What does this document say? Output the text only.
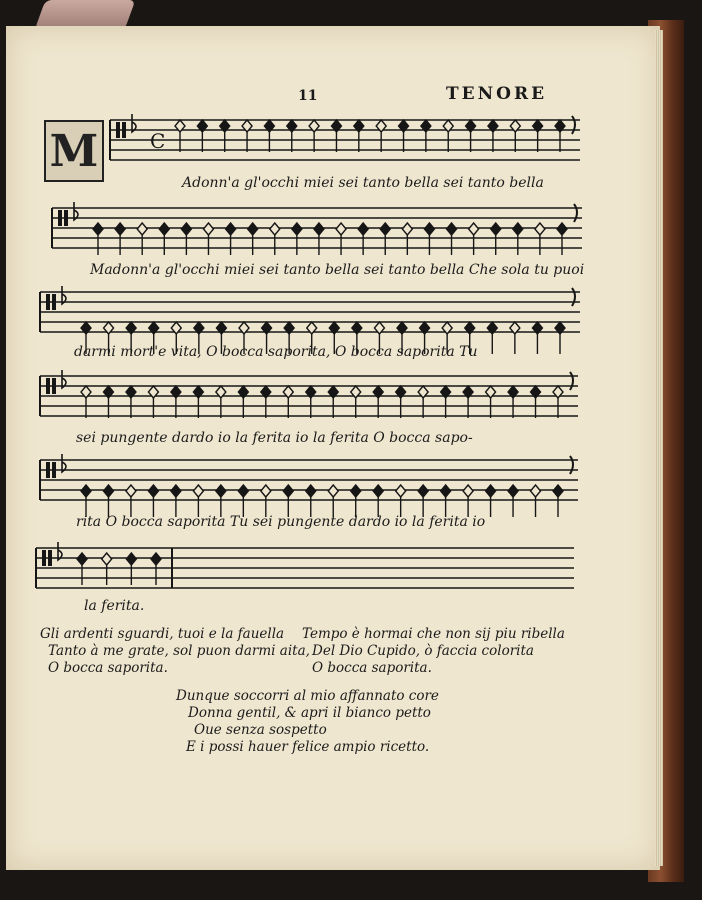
11	TENORE
M	C
Adonn'a gl'occhi miei sei tanto bella sei tanto bella
Madonn'a gl'occhi miei sei tanto bella sei tanto bella Che sola tu puoi
darmi mort'e vita, O bocca saporita, O bocca saporita Tu
sei pungente dardo io la ferita io la ferita O bocca sapo-
rita O bocca saporita Tu sei pungente dardo io la ferita io
la ferita.
Gli ardenti sguardi, tuoi e la fauella
Tanto à me grate, sol puon darmi aita,
O bocca saporita.
Tempo è hormai che non sij piu ribella
Del Dio Cupido, ò faccia colorita
O bocca saporita.
Dunque soccorri al mio affannato core
Donna gentil, & apri il bianco petto
Oue senza sospetto
E i possi hauer felice ampio ricetto.
